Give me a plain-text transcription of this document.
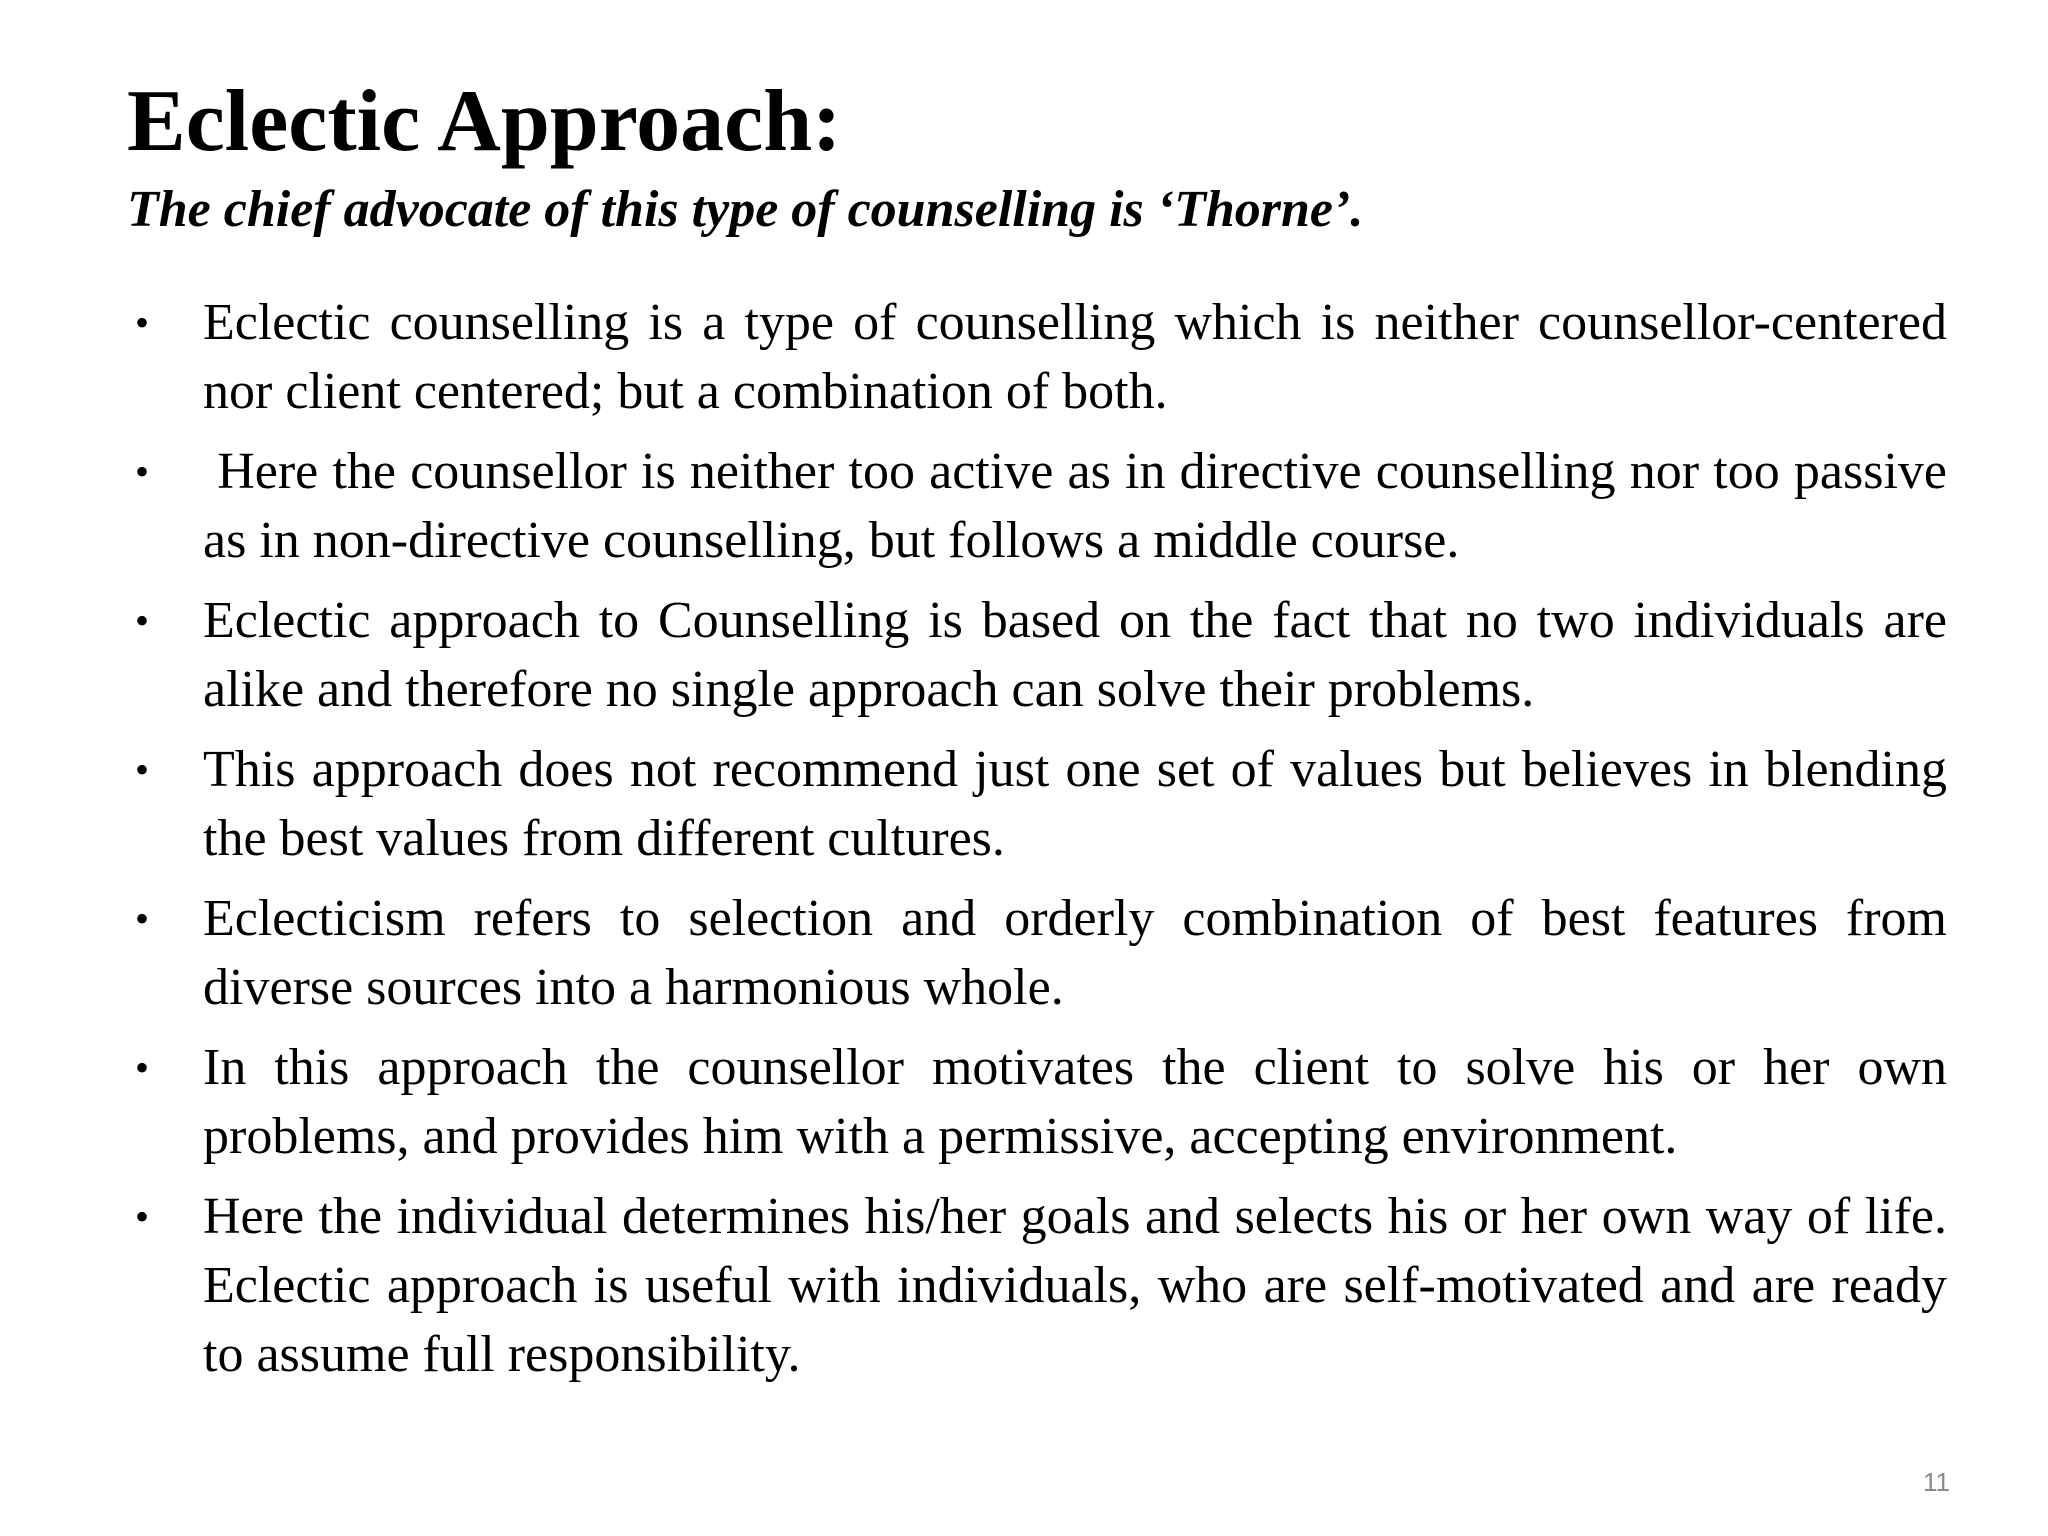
Eclectic Approach:

The chief advocate of this type of counselling is ‘Thorne’.

• Eclectic counselling is a type of counselling which is neither counsellor-centered nor client centered; but a combination of both.
• Here the counsellor is neither too active as in directive counselling nor too passive as in non-directive counselling, but follows a middle course.
• Eclectic approach to Counselling is based on the fact that no two individuals are alike and therefore no single approach can solve their problems.
• This approach does not recommend just one set of values but believes in blending the best values from different cultures.
• Eclecticism refers to selection and orderly combination of best features from diverse sources into a harmonious whole.
• In this approach the counsellor motivates the client to solve his or her own problems, and provides him with a permissive, accepting environment.
• Here the individual determines his/her goals and selects his or her own way of life. Eclectic approach is useful with individuals, who are self-motivated and are ready to assume full responsibility.
11
